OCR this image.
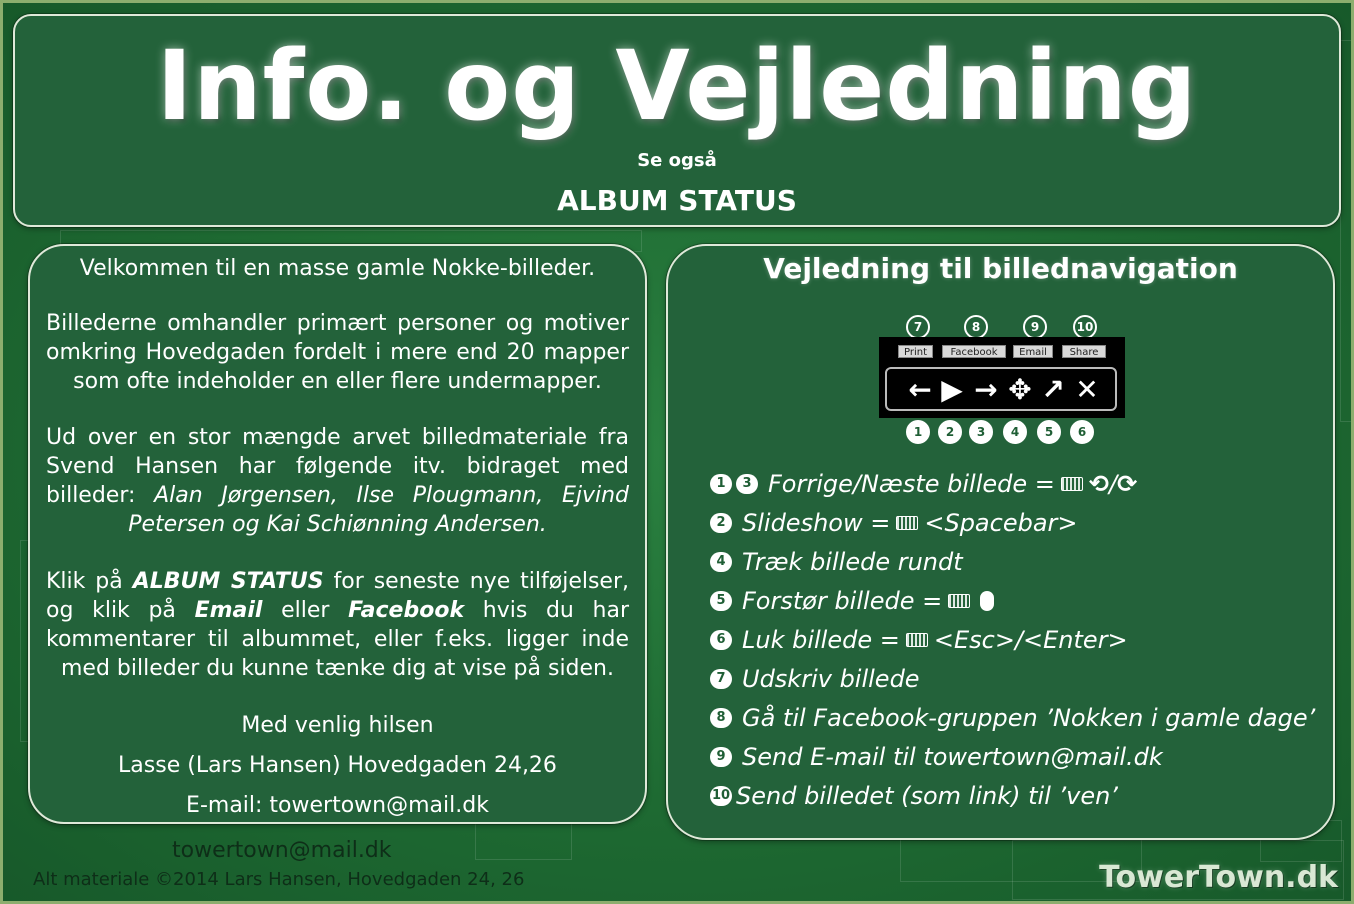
Info. og Vejledning
Se også
ALBUM STATUS

Velkommen til en masse gamle Nokke-billeder.

Billederne omhandler primært personer og motiver omkring Hovedgaden fordelt i mere end 20 mapper som ofte indeholder en eller flere undermapper.

Ud over en stor mængde arvet billedmateriale fra Svend Hansen har følgende itv. bidraget med billeder: Alan Jørgensen, Ilse Plougmann, Ejvind Petersen og Kai Schiønning Andersen.

Klik på ALBUM STATUS for seneste nye tilføjelser, og klik på Email eller Facebook hvis du har kommentarer til albummet, eller f.eks. ligger inde med billeder du kunne tænke dig at vise på siden.

Med venlig hilsen

Lasse (Lars Hansen) Hovedgaden 24,26

E-mail: towertown@mail.dk

Vejledning til billednavigation
7	8	9	10
Print	Facebook	Email	Share
← ▶ → ✥ ↗ ✕
1	2	3	4	5	6
1	3 Forrige/Næste billede = ⟲ / ⟳
2 Slideshow = <Spacebar>
4 Træk billede rundt
5 Forstør billede =
6 Luk billede = <Esc>/<Enter>
7 Udskriv billede
8 Gå til Facebook-gruppen ’Nokken i gamle dage’
9 Send E-mail til towertown@mail.dk
10 Send billedet (som link) til ’ven’
towertown@mail.dk
Alt materiale ©2014 Lars Hansen, Hovedgaden 24, 26	TowerTown.dk
